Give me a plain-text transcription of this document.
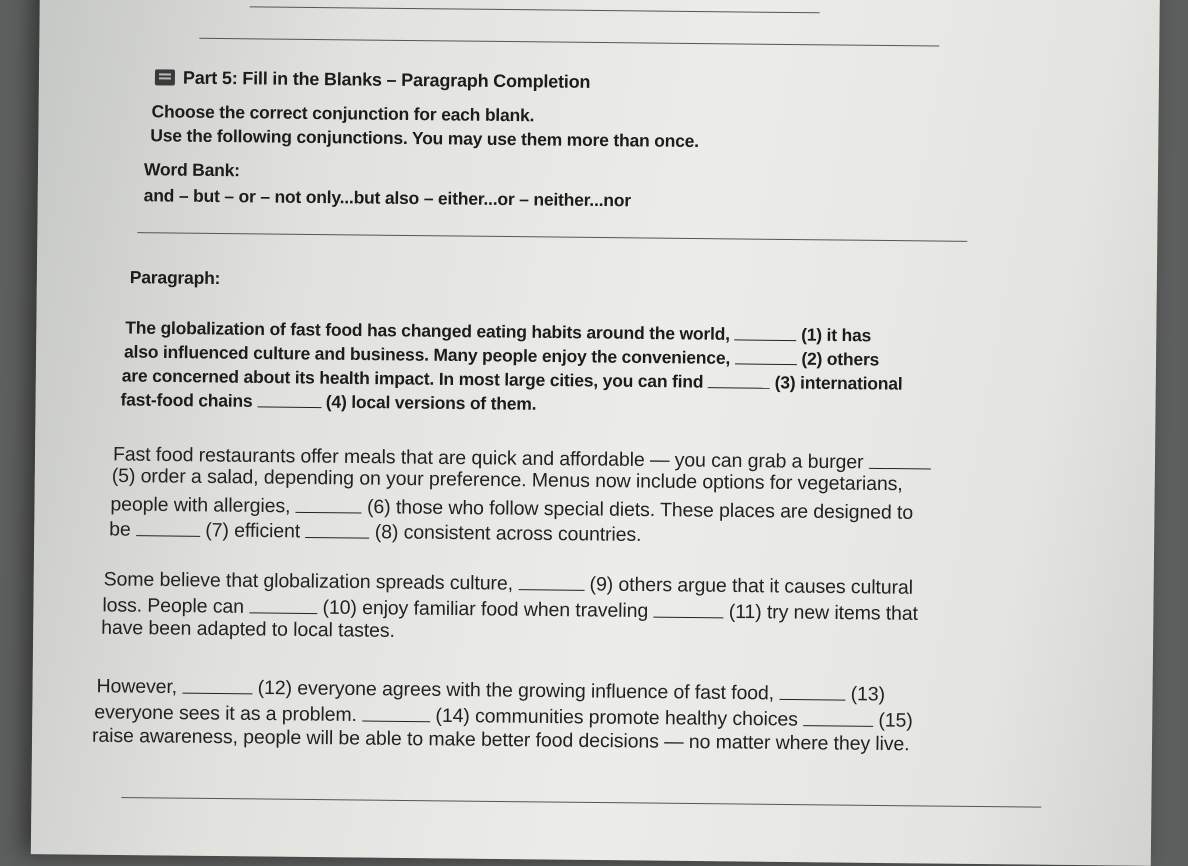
Part 5: Fill in the Blanks – Paragraph Completion
Choose the correct conjunction for each blank.
Use the following conjunctions. You may use them more than once.
Word Bank:
and – but – or – not only...but also – either...or – neither...nor
Paragraph:
The globalization of fast food has changed eating habits around the world,	(1) it has
also influenced culture and business. Many people enjoy the convenience,	(2) others
are concerned about its health impact. In most large cities, you can find	(3) international
fast-food chains	(4) local versions of them.
Fast food restaurants offer meals that are quick and affordable — you can grab a burger
(5) order a salad, depending on your preference. Menus now include options for vegetarians,
people with allergies,	(6) those who follow special diets. These places are designed to
be	(7) efficient	(8) consistent across countries.
Some believe that globalization spreads culture,	(9) others argue that it causes cultural
loss. People can	(10) enjoy familiar food when traveling	(11) try new items that
have been adapted to local tastes.
However,	(12) everyone agrees with the growing influence of fast food,	(13)
everyone sees it as a problem.	(14) communities promote healthy choices	(15)
raise awareness, people will be able to make better food decisions — no matter where they live.
